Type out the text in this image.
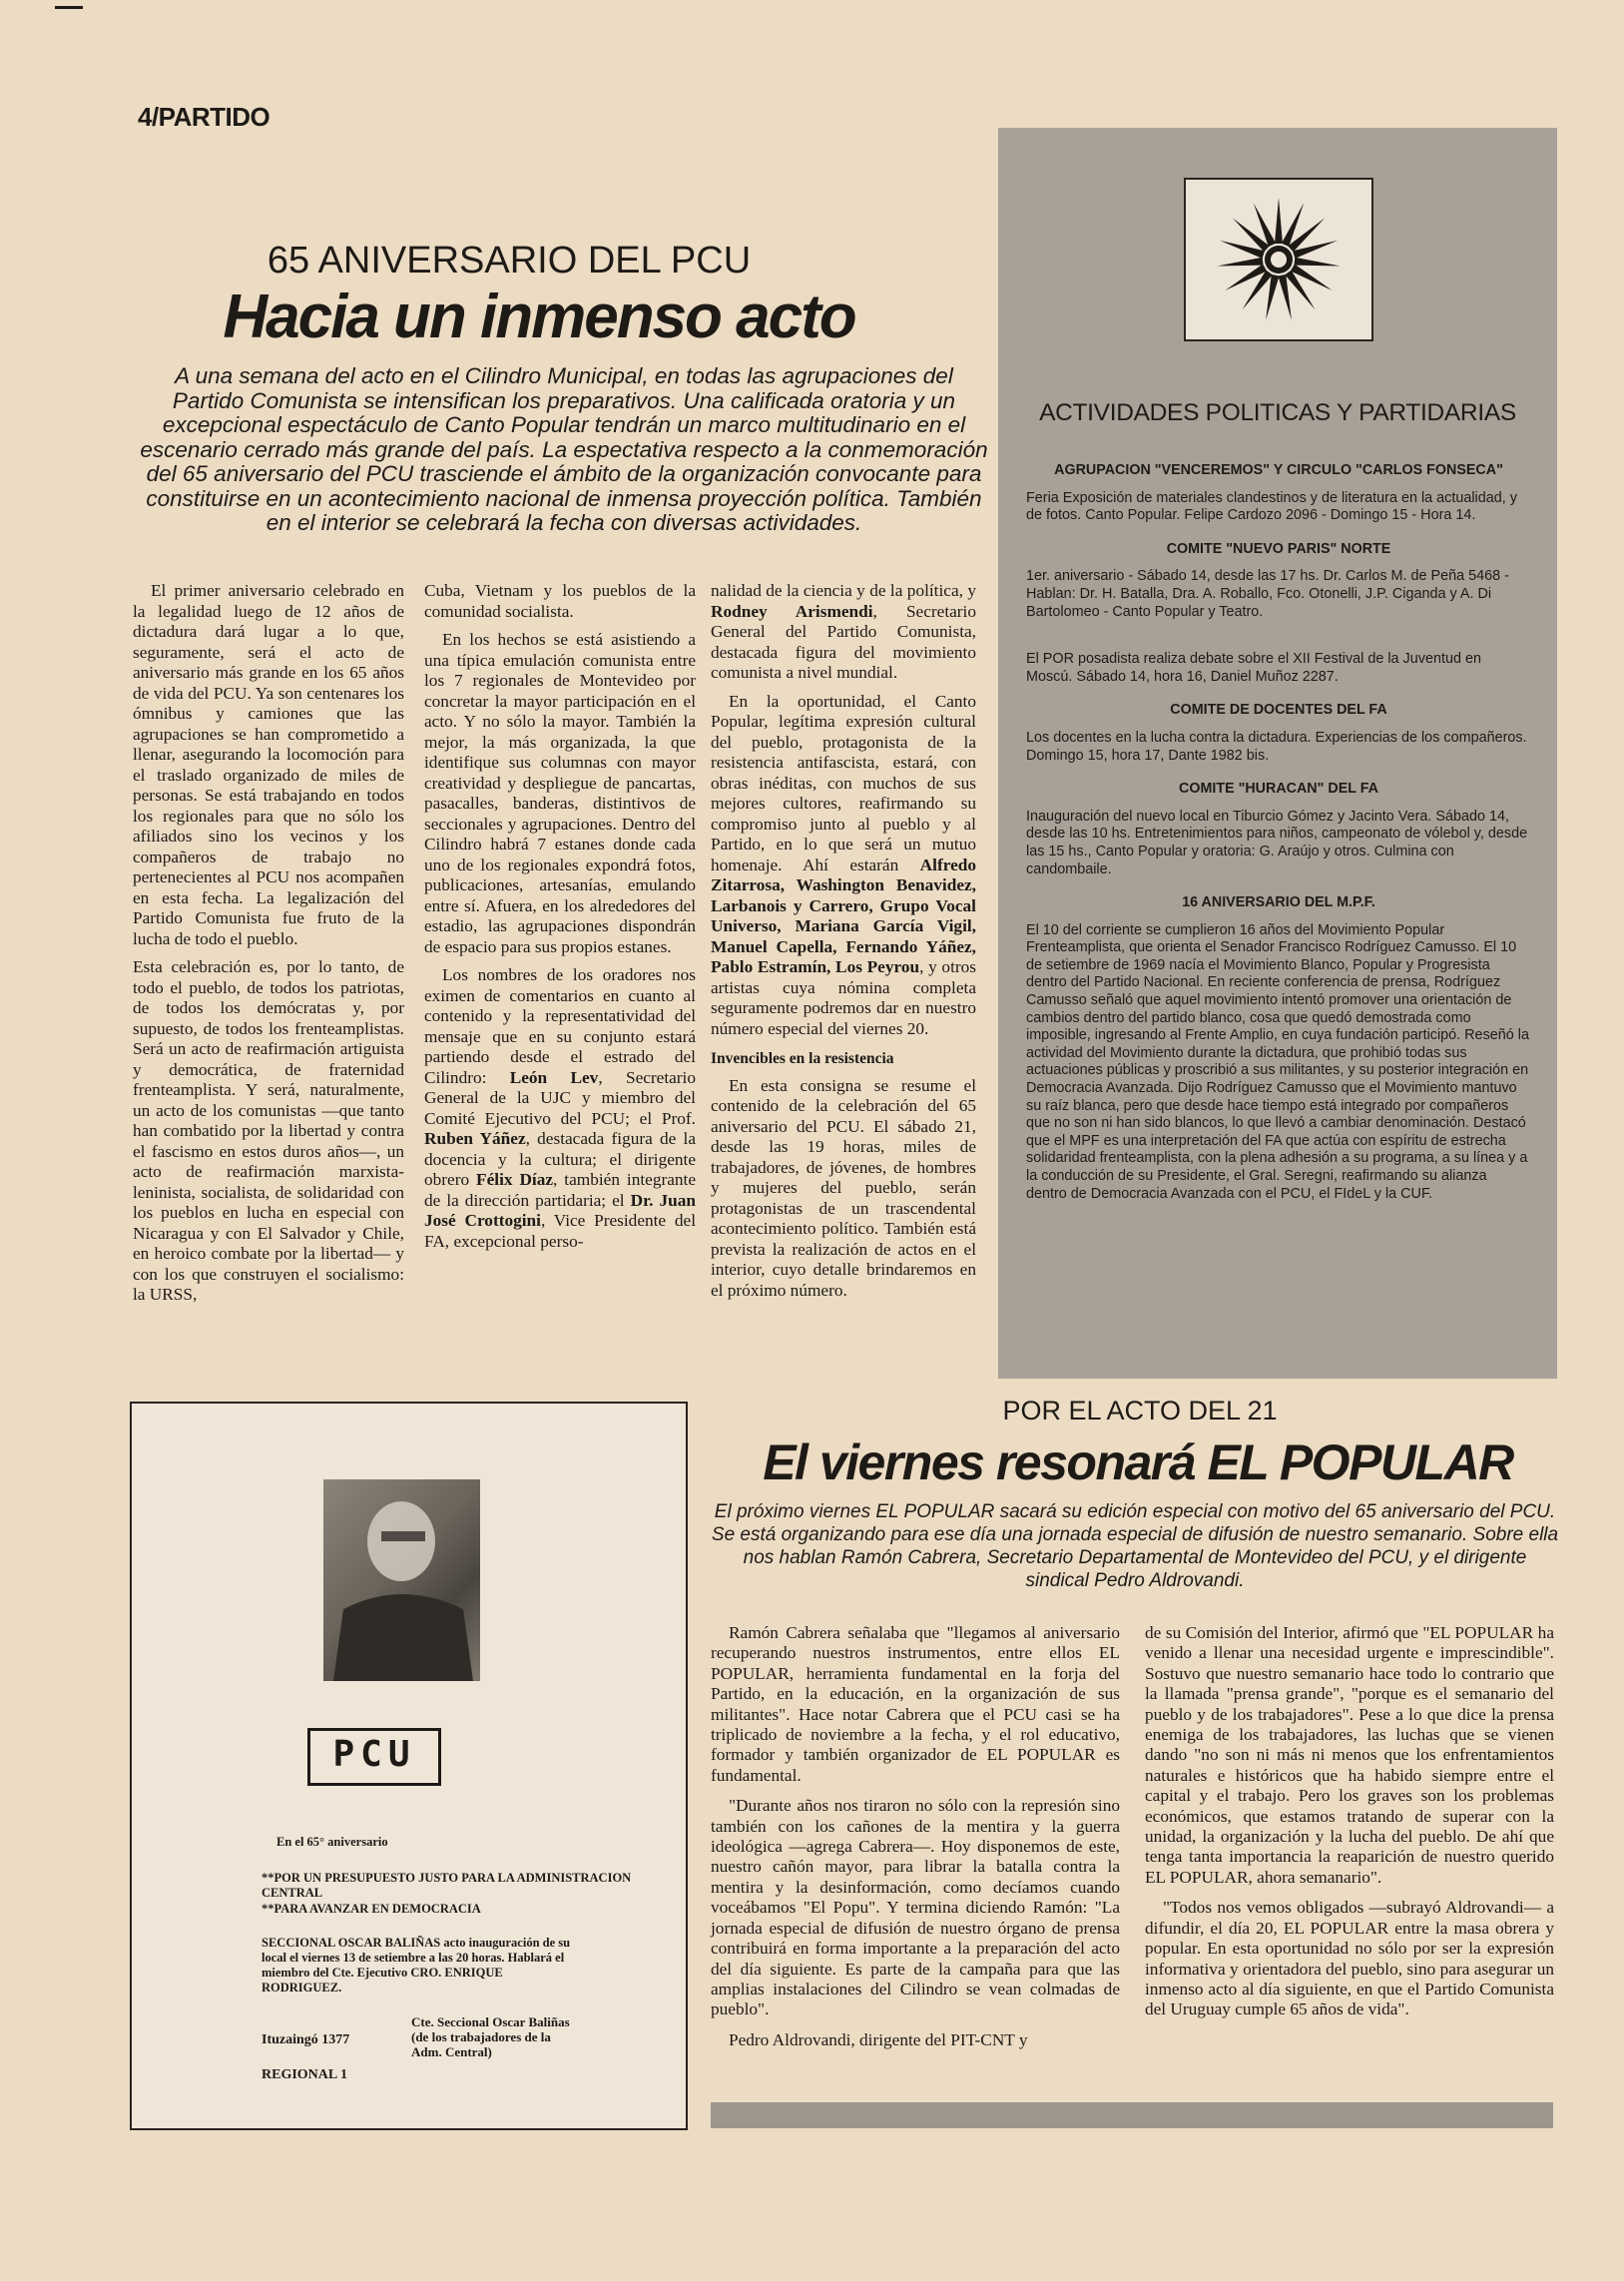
4/PARTIDO
65 ANIVERSARIO DEL PCU
Hacia un inmenso acto
A una semana del acto en el Cilindro Municipal, en todas las agrupaciones del Partido Comunista se intensifican los preparativos. Una calificada oratoria y un excepcional espectáculo de Canto Popular tendrán un marco multitudinario en el escenario cerrado más grande del país. La espectativa respecto a la conmemoración del 65 aniversario del PCU trasciende el ámbito de la organización convocante para constituirse en un acontecimiento nacional de inmensa proyección política. También en el interior se celebrará la fecha con diversas actividades.

El primer aniversario celebrado en la legalidad luego de 12 años de dictadura dará lugar a lo que, seguramente, será el acto de aniversario más grande en los 65 años de vida del PCU. Ya son centenares los ómnibus y camiones que las agrupaciones se han comprometido a llenar, asegurando la locomoción para el traslado organizado de miles de personas. Se está trabajando en todos los regionales para que no sólo los afiliados sino los vecinos y los compañeros de trabajo no pertenecientes al PCU nos acompañen en esta fecha. La legalización del Partido Comunista fue fruto de la lucha de todo el pueblo.

Esta celebración es, por lo tanto, de todo el pueblo, de todos los patriotas, de todos los demócratas y, por supuesto, de todos los frenteamplistas. Será un acto de reafirmación artiguista y democrática, de fraternidad frenteamplista. Y será, naturalmente, un acto de los comunistas —que tanto han combatido por la libertad y contra el fascismo en estos duros años—, un acto de reafirmación marxista-leninista, socialista, de solidaridad con los pueblos en lucha en especial con Nicaragua y con El Salvador y Chile, en heroico combate por la libertad— y con los que construyen el socialismo: la URSS,

Cuba, Vietnam y los pueblos de la comunidad socialista.

En los hechos se está asistiendo a una típica emulación comunista entre los 7 regionales de Montevideo por concretar la mayor participación en el acto. Y no sólo la mayor. También la mejor, la más organizada, la que identifique sus columnas con mayor creatividad y despliegue de pancartas, pasacalles, banderas, distintivos de seccionales y agrupaciones. Dentro del Cilindro habrá 7 estanes donde cada uno de los regionales expondrá fotos, publicaciones, artesanías, emulando entre sí. Afuera, en los alrededores del estadio, las agrupaciones dispondrán de espacio para sus propios estanes.

Los nombres de los oradores nos eximen de comentarios en cuanto al contenido y la representatividad del mensaje que en su conjunto estará partiendo desde el estrado del Cilindro: León Lev, Secretario General de la UJC y miembro del Comité Ejecutivo del PCU; el Prof. Ruben Yáñez, destacada figura de la docencia y la cultura; el dirigente obrero Félix Díaz, también integrante de la dirección partidaria; el Dr. Juan José Crottogini, Vice Presidente del FA, excepcional perso-

nalidad de la ciencia y de la política, y Rodney Arismendi, Secretario General del Partido Comunista, destacada figura del movimiento comunista a nivel mundial.

En la oportunidad, el Canto Popular, legítima expresión cultural del pueblo, protagonista de la resistencia antifascista, estará, con obras inéditas, con muchos de sus mejores cultores, reafirmando su compromiso junto al pueblo y al Partido, en lo que será un mutuo homenaje. Ahí estarán Alfredo Zitarrosa, Washington Benavidez, Larbanois y Carrero, Grupo Vocal Universo, Mariana García Vigil, Manuel Capella, Fernando Yáñez, Pablo Estramín, Los Peyrou, y otros artistas cuya nómina completa seguramente podremos dar en nuestro número especial del viernes 20.

Invencibles en la resistencia

En esta consigna se resume el contenido de la celebración del 65 aniversario del PCU. El sábado 21, desde las 19 horas, miles de trabajadores, de jóvenes, de hombres y mujeres del pueblo, serán protagonistas de un trascendental acontecimiento político. También está prevista la realización de actos en el interior, cuyo detalle brindaremos en el próximo número.

ACTIVIDADES POLITICAS Y PARTIDARIAS
AGRUPACION "VENCEREMOS" Y CIRCULO "CARLOS FONSECA"
Feria Exposición de materiales clandestinos y de literatura en la actualidad, y de fotos. Canto Popular. Felipe Cardozo 2096 - Domingo 15 - Hora 14.
COMITE "NUEVO PARIS" NORTE
1er. aniversario - Sábado 14, desde las 17 hs. Dr. Carlos M. de Peña 5468 - Hablan: Dr. H. Batalla, Dra. A. Roballo, Fco. Otonelli, J.P. Ciganda y A. Di Bartolomeo - Canto Popular y Teatro.
El POR posadista realiza debate sobre el XII Festival de la Juventud en Moscú. Sábado 14, hora 16, Daniel Muñoz 2287.
COMITE DE DOCENTES DEL FA
Los docentes en la lucha contra la dictadura. Experiencias de los compañeros. Domingo 15, hora 17, Dante 1982 bis.
COMITE "HURACAN" DEL FA
Inauguración del nuevo local en Tiburcio Gómez y Jacinto Vera. Sábado 14, desde las 10 hs. Entretenimientos para niños, campeonato de vólebol y, desde las 15 hs., Canto Popular y oratoria: G. Araújo y otros. Culmina con candombaile.
16 ANIVERSARIO DEL M.P.F.
El 10 del corriente se cumplieron 16 años del Movimiento Popular Frenteamplista, que orienta el Senador Francisco Rodríguez Camusso. El 10 de setiembre de 1969 nacía el Movimiento Blanco, Popular y Progresista dentro del Partido Nacional. En reciente conferencia de prensa, Rodríguez Camusso señaló que aquel movimiento intentó promover una orientación de cambios dentro del partido blanco, cosa que quedó demostrada como imposible, ingresando al Frente Amplio, en cuya fundación participó. Reseñó la actividad del Movimiento durante la dictadura, que prohibió todas sus actuaciones públicas y proscribió a sus militantes, y su posterior integración en Democracia Avanzada. Dijo Rodríguez Camusso que el Movimiento mantuvo su raíz blanca, pero que desde hace tiempo está integrado por compañeros que no son ni han sido blancos, lo que llevó a cambiar denominación. Destacó que el MPF es una interpretación del FA que actúa con espíritu de estrecha solidaridad frenteamplista, con la plena adhesión a su programa, a su línea y a la conducción de su Presidente, el Gral. Seregni, reafirmando su alianza dentro de Democracia Avanzada con el PCU, el FIdeL y la CUF.
PCU
En el 65° aniversario
**POR UN PRESUPUESTO JUSTO PARA LA ADMINISTRACION CENTRAL
**PARA AVANZAR EN DEMOCRACIA
SECCIONAL OSCAR BALIÑAS acto inauguración de su local el viernes 13 de setiembre a las 20 horas. Hablará el miembro del Cte. Ejecutivo CRO. ENRIQUE RODRIGUEZ.
Ituzaingó 1377
REGIONAL 1
Cte. Seccional Oscar Baliñas (de los trabajadores de la Adm. Central)
POR EL ACTO DEL 21
El viernes resonará EL POPULAR
El próximo viernes EL POPULAR sacará su edición especial con motivo del 65 aniversario del PCU. Se está organizando para ese día una jornada especial de difusión de nuestro semanario. Sobre ella nos hablan Ramón Cabrera, Secretario Departamental de Montevideo del PCU, y el dirigente sindical Pedro Aldrovandi.

Ramón Cabrera señalaba que "llegamos al aniversario recuperando nuestros instrumentos, entre ellos EL POPULAR, herramienta fundamental en la forja del Partido, en la educación, en la organización de sus militantes". Hace notar Cabrera que el PCU casi se ha triplicado de noviembre a la fecha, y el rol educativo, formador y también organizador de EL POPULAR es fundamental.

"Durante años nos tiraron no sólo con la represión sino también con los cañones de la mentira y la guerra ideológica —agrega Cabrera—. Hoy disponemos de este, nuestro cañón mayor, para librar la batalla contra la mentira y la desinformación, como decíamos cuando voceábamos "El Popu". Y termina diciendo Ramón: "La jornada especial de difusión de nuestro órgano de prensa contribuirá en forma importante a la preparación del acto del día siguiente. Es parte de la campaña para que las amplias instalaciones del Cilindro se vean colmadas de pueblo".

Pedro Aldrovandi, dirigente del PIT-CNT y

de su Comisión del Interior, afirmó que "EL POPULAR ha venido a llenar una necesidad urgente e imprescindible". Sostuvo que nuestro semanario hace todo lo contrario que la llamada "prensa grande", "porque es el semanario del pueblo y de los trabajadores". Pese a lo que dice la prensa enemiga de los trabajadores, las luchas que se vienen dando "no son ni más ni menos que los enfrentamientos naturales e históricos que ha habido siempre entre el capital y el trabajo. Pero los graves son los problemas económicos, que estamos tratando de superar con la unidad, la organización y la lucha del pueblo. De ahí que tenga tanta importancia la reaparición de nuestro querido EL POPULAR, ahora semanario".

"Todos nos vemos obligados —subrayó Aldrovandi— a difundir, el día 20, EL POPULAR entre la masa obrera y popular. En esta oportunidad no sólo por ser la expresión informativa y orientadora del pueblo, sino para asegurar un inmenso acto al día siguiente, en que el Partido Comunista del Uruguay cumple 65 años de vida".
